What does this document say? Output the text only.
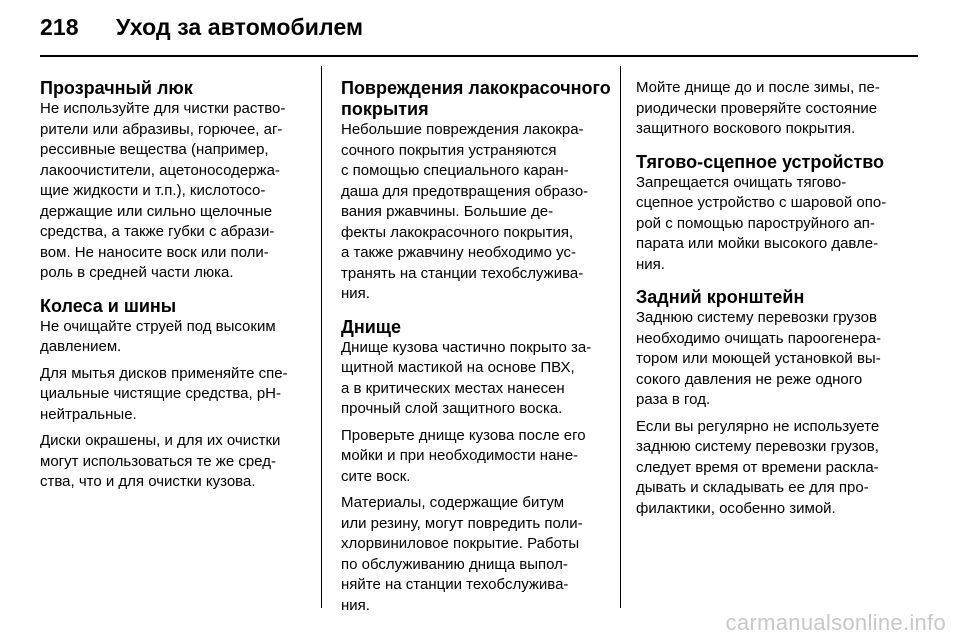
218	Уход за автомобилем
Прозрачный люк

Не используйте для чистки раство-
рители или абразивы, горючее, аг-
рессивные вещества (например,
лакоочистители, ацетоносодержа-
щие жидкости и т.п.), кислотосо-
держащие или сильно щелочные
средства, а также губки с абрази-
вом. Не наносите воск или поли-
роль в средней части люка.

Колеса и шины

Не очищайте струей под высоким
давлением.

Для мытья дисков применяйте спе-
циальные чистящие средства, pH-
нейтральные.

Диски окрашены, и для их очистки
могут использоваться те же сред-
ства, что и для очистки кузова.

Повреждения лакокрасочного
покрытия

Небольшие повреждения лакокра-
сочного покрытия устраняются
с помощью специального каран-
даша для предотвращения образо-
вания ржавчины. Большие де-
фекты лакокрасочного покрытия,
а также ржавчину необходимо ус-
транять на станции техобслужива-
ния.

Днище

Днище кузова частично покрыто за-
щитной мастикой на основе ПВХ,
а в критических местах нанесен
прочный слой защитного воска.

Проверьте днище кузова после его
мойки и при необходимости нане-
сите воск.

Материалы, содержащие битум
или резину, могут повредить поли-
хлорвиниловое покрытие. Работы
по обслуживанию днища выпол-
няйте на станции техобслужива-
ния.

Мойте днище до и после зимы, пе-
риодически проверяйте состояние
защитного воскового покрытия.

Тягово-сцепное устройство

Запрещается очищать тягово-
сцепное устройство с шаровой опо-
рой с помощью пароструйного ап-
парата или мойки высокого давле-
ния.

Задний кронштейн

Заднюю систему перевозки грузов
необходимо очищать пароогенера-
тором или моющей установкой вы-
сокого давления не реже одного
раза в год.

Если вы регулярно не используете
заднюю систему перевозки грузов,
следует время от времени раскла-
дывать и складывать ее для про-
филактики, особенно зимой.

carmanualsonline.info
